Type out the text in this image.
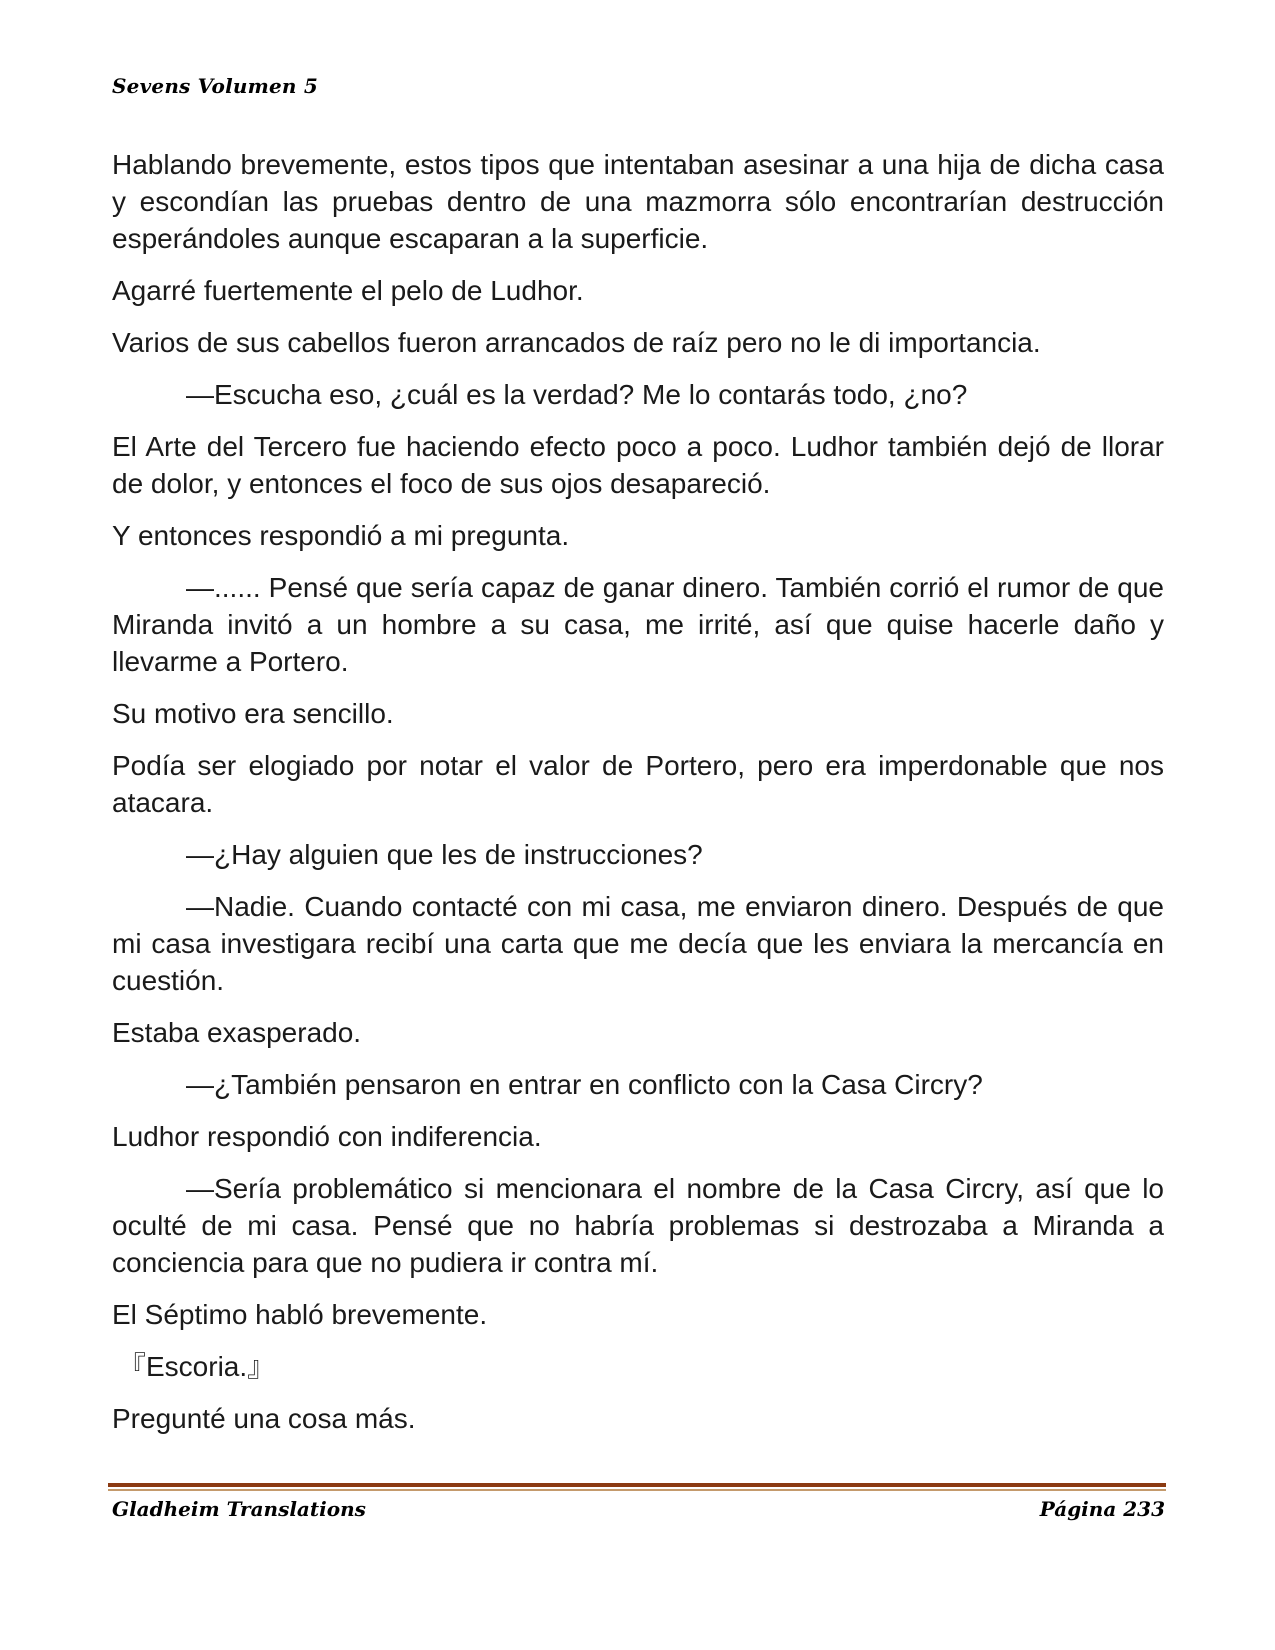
Sevens Volumen 5

Hablando brevemente, estos tipos que intentaban asesinar a una hija de dicha casa y escondían las pruebas dentro de una mazmorra sólo encontrarían destrucción esperándoles aunque escaparan a la superficie.

Agarré fuertemente el pelo de Ludhor.

Varios de sus cabellos fueron arrancados de raíz pero no le di importancia.

—Escucha eso, ¿cuál es la verdad? Me lo contarás todo, ¿no?

El Arte del Tercero fue haciendo efecto poco a poco. Ludhor también dejó de llorar de dolor, y entonces el foco de sus ojos desapareció.

Y entonces respondió a mi pregunta.

—...... Pensé que sería capaz de ganar dinero. También corrió el rumor de que Miranda invitó a un hombre a su casa, me irrité, así que quise hacerle daño y llevarme a Portero.

Su motivo era sencillo.

Podía ser elogiado por notar el valor de Portero, pero era imperdonable que nos atacara.

—¿Hay alguien que les de instrucciones?

—Nadie. Cuando contacté con mi casa, me enviaron dinero. Después de que mi casa investigara recibí una carta que me decía que les enviara la mercancía en cuestión.

Estaba exasperado.

—¿También pensaron en entrar en conflicto con la Casa Circry?

Ludhor respondió con indiferencia.

—Sería problemático si mencionara el nombre de la Casa Circry, así que lo oculté de mi casa. Pensé que no habría problemas si destrozaba a Miranda a conciencia para que no pudiera ir contra mí.

El Séptimo habló brevemente.

『Escoria.』

Pregunté una cosa más.

Gladheim Translations	Página 233
